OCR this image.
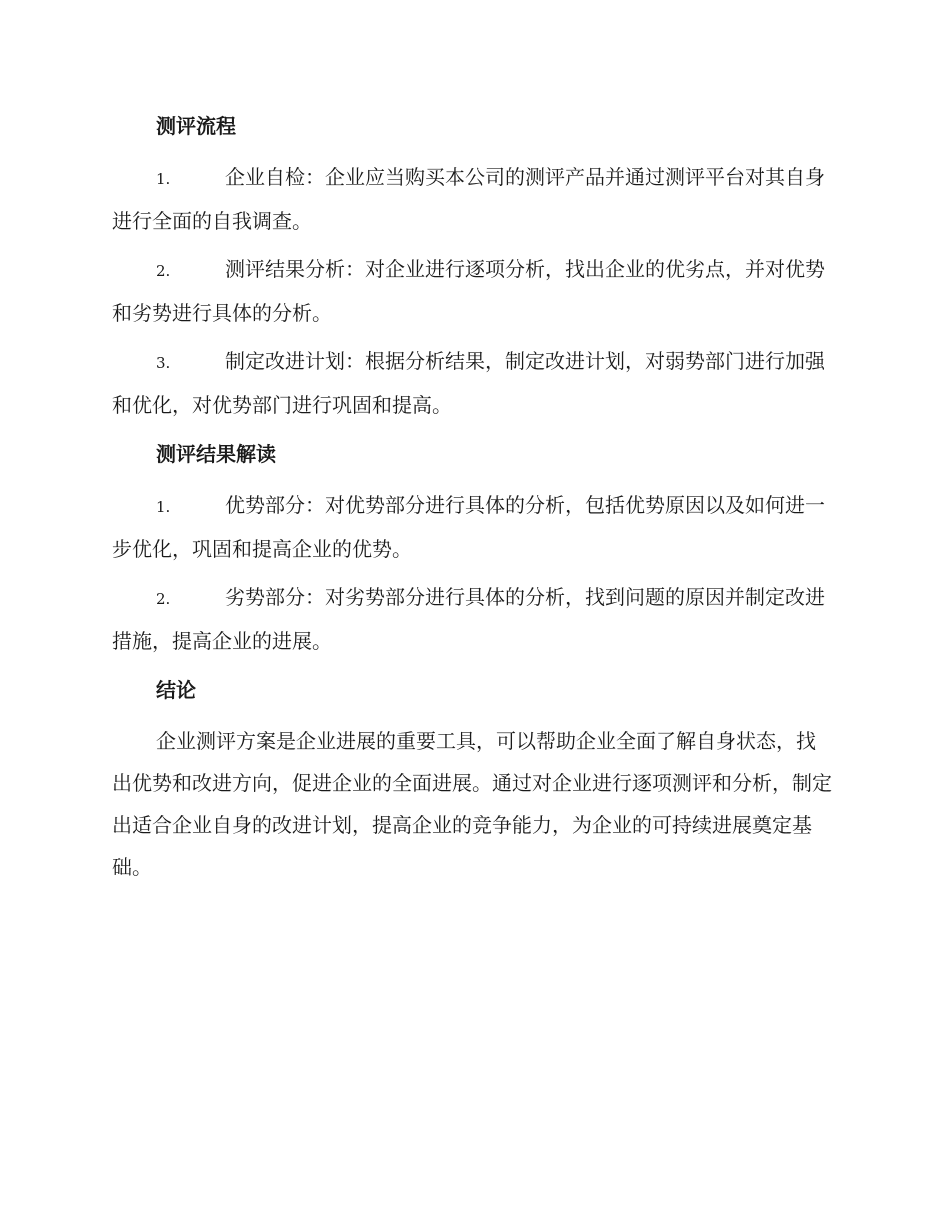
测评流程

1.	企业自检：企业应当购买本公司的测评产品并通过测评平台对其自身进行全面的自我调查。

2.	测评结果分析：对企业进行逐项分析，找出企业的优劣点，并对优势和劣势进行具体的分析。

3.	制定改进计划：根据分析结果，制定改进计划，对弱势部门进行加强和优化，对优势部门进行巩固和提高。

测评结果解读

1.	优势部分：对优势部分进行具体的分析，包括优势原因以及如何进一步优化，巩固和提高企业的优势。

2.	劣势部分：对劣势部分进行具体的分析，找到问题的原因并制定改进措施，提高企业的进展。

结论

企业测评方案是企业进展的重要工具，可以帮助企业全面了解自身状态，找出优势和改进方向，促进企业的全面进展。通过对企业进行逐项测评和分析，制定出适合企业自身的改进计划，提高企业的竞争能力，为企业的可持续进展奠定基础。
